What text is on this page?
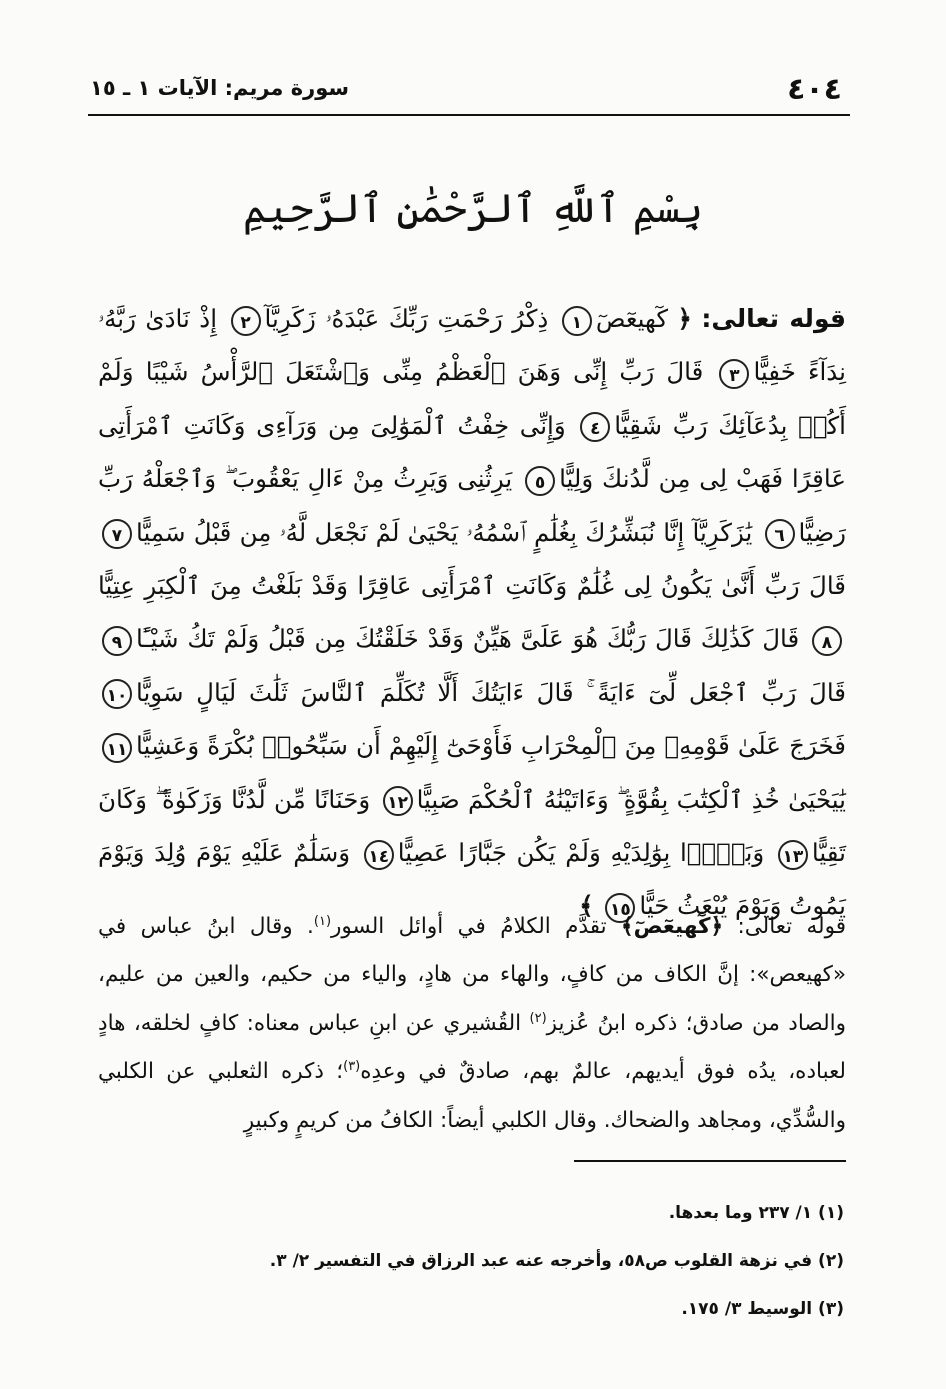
٤٠٤
سورة مريم: الآيات ١ ـ ١٥
بِسْمِ ٱللَّهِ ٱلرَّحْمَٰنِ ٱلرَّحِيمِ
قوله تعالى: ﴿ كٓهيعٓصٓ١ ذِكْرُ رَحْمَتِ رَبِّكَ عَبْدَهُۥ زَكَرِيَّآ٢ إِذْ نَادَىٰ رَبَّهُۥ نِدَآءً خَفِيًّا٣ قَالَ رَبِّ إِنِّى وَهَنَ ٱلْعَظْمُ مِنِّى وَٱشْتَعَلَ ٱلرَّأْسُ شَيْبًا وَلَمْ أَكُنۢ بِدُعَآئِكَ رَبِّ شَقِيًّا٤ وَإِنِّى خِفْتُ ٱلْمَوَٰلِىَ مِن وَرَآءِى وَكَانَتِ ٱمْرَأَتِى عَاقِرًا فَهَبْ لِى مِن لَّدُنكَ وَلِيًّا٥ يَرِثُنِى وَيَرِثُ مِنْ ءَالِ يَعْقُوبَ ۖ وَٱجْعَلْهُ رَبِّ رَضِيًّا٦ يَٰزَكَرِيَّآ إِنَّا نُبَشِّرُكَ بِغُلَٰمٍ ٱسْمُهُۥ يَحْيَىٰ لَمْ نَجْعَل لَّهُۥ مِن قَبْلُ سَمِيًّا٧ قَالَ رَبِّ أَنَّىٰ يَكُونُ لِى غُلَٰمٌ وَكَانَتِ ٱمْرَأَتِى عَاقِرًا وَقَدْ بَلَغْتُ مِنَ ٱلْكِبَرِ عِتِيًّا٨ قَالَ كَذَٰلِكَ قَالَ رَبُّكَ هُوَ عَلَىَّ هَيِّنٌ وَقَدْ خَلَقْتُكَ مِن قَبْلُ وَلَمْ تَكُ شَيْـًٔا٩ قَالَ رَبِّ ٱجْعَل لِّىٓ ءَايَةً ۚ قَالَ ءَايَتُكَ أَلَّا تُكَلِّمَ ٱلنَّاسَ ثَلَٰثَ لَيَالٍ سَوِيًّا١٠ فَخَرَجَ عَلَىٰ قَوْمِهِۦ مِنَ ٱلْمِحْرَابِ فَأَوْحَىٰٓ إِلَيْهِمْ أَن سَبِّحُوا۟ بُكْرَةً وَعَشِيًّا١١ يَٰيَحْيَىٰ خُذِ ٱلْكِتَٰبَ بِقُوَّةٍ ۖ وَءَاتَيْنَٰهُ ٱلْحُكْمَ صَبِيًّا١٢ وَحَنَانًا مِّن لَّدُنَّا وَزَكَوٰةً ۖ وَكَانَ تَقِيًّا١٣ وَبَرًّۢا بِوَٰلِدَيْهِ وَلَمْ يَكُن جَبَّارًا عَصِيًّا١٤ وَسَلَٰمٌ عَلَيْهِ يَوْمَ وُلِدَ وَيَوْمَ يَمُوتُ وَيَوْمَ يُبْعَثُ حَيًّا١٥ ﴾
قوله تعالى: ﴿كٓهيعٓصٓ﴾ تقدَّم الكلامُ في أوائل السور$^{(١)}$. وقال ابنُ عباس في «كهيعص»: إنَّ الكاف من كافٍ، والهاء من هادٍ، والياء من حكيم، والعين من عليم، والصاد من صادق؛ ذكره ابنُ عُزيز$^{(٢)}$ القُشيري عن ابنِ عباس معناه: كافٍ لخلقه، هادٍ لعباده، يدُه فوق أيديهم، عالمٌ بهم، صادقٌ في وعدِه$^{(٣)}$؛ ذكره الثعلبي عن الكلبي والسُّدِّي، ومجاهد والضحاك. وقال الكلبي أيضاً: الكافُ من كريمٍ وكبيرٍ
(١) ١/ ٢٣٧ وما بعدها.
(٢) في نزهة القلوب ص٥٨، وأخرجه عنه عبد الرزاق في التفسير ٢/ ٣.
(٣) الوسيط ٣/ ١٧٥.
